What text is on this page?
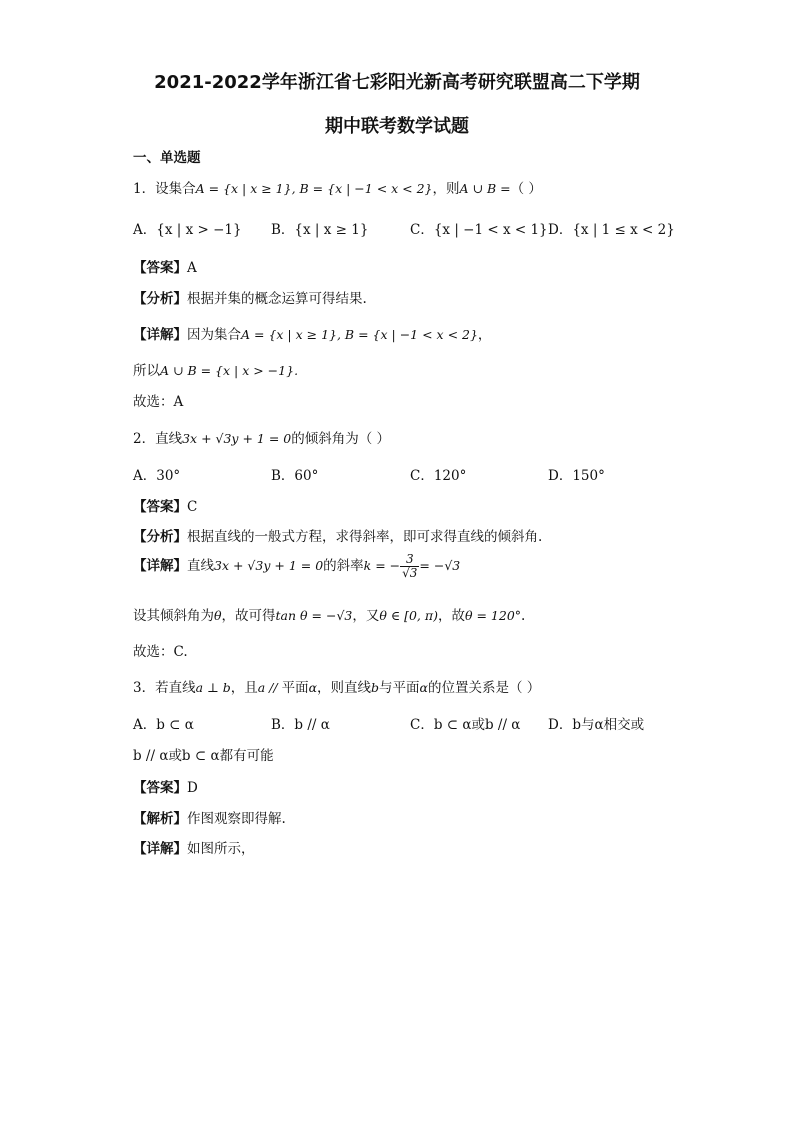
2021-2022学年浙江省七彩阳光新高考研究联盟高二下学期
期中联考数学试题
一、单选题
1．设集合A = {x | x ≥ 1}, B = {x | −1 < x < 2}，则A ∪ B =（ ）
A．{x | x > −1} B．{x | x ≥ 1}	C．{x | −1 < x < 1} D．{x | 1 ≤ x < 2}
【答案】A
【分析】根据并集的概念运算可得结果.
【详解】因为集合A = {x | x ≥ 1}, B = {x | −1 < x < 2}，
所以A ∪ B = {x | x > −1}.
故选：A
2．直线3x + √3y + 1 = 0的倾斜角为（ ）
A．30°	B．60°	C．120°	D．150°
【答案】C
【分析】根据直线的一般式方程，求得斜率，即可求得直线的倾斜角.
【详解】直线3x + √3y + 1 = 0的斜率k = − $\frac{3}{√3} = -√3$
设其倾斜角为θ，故可得tan θ = −√3，又θ ∈ [0, π)，故θ = 120°.
故选：C.
3．若直线a ⊥ b，且a // 平面α，则直线b与平面α的位置关系是（ ）
A．b ⊂ α	B．b // α	C．b ⊂ α或b // α D．b与α相交或
b // α或b ⊂ α都有可能
【答案】D
【解析】作图观察即得解.
【详解】如图所示，
